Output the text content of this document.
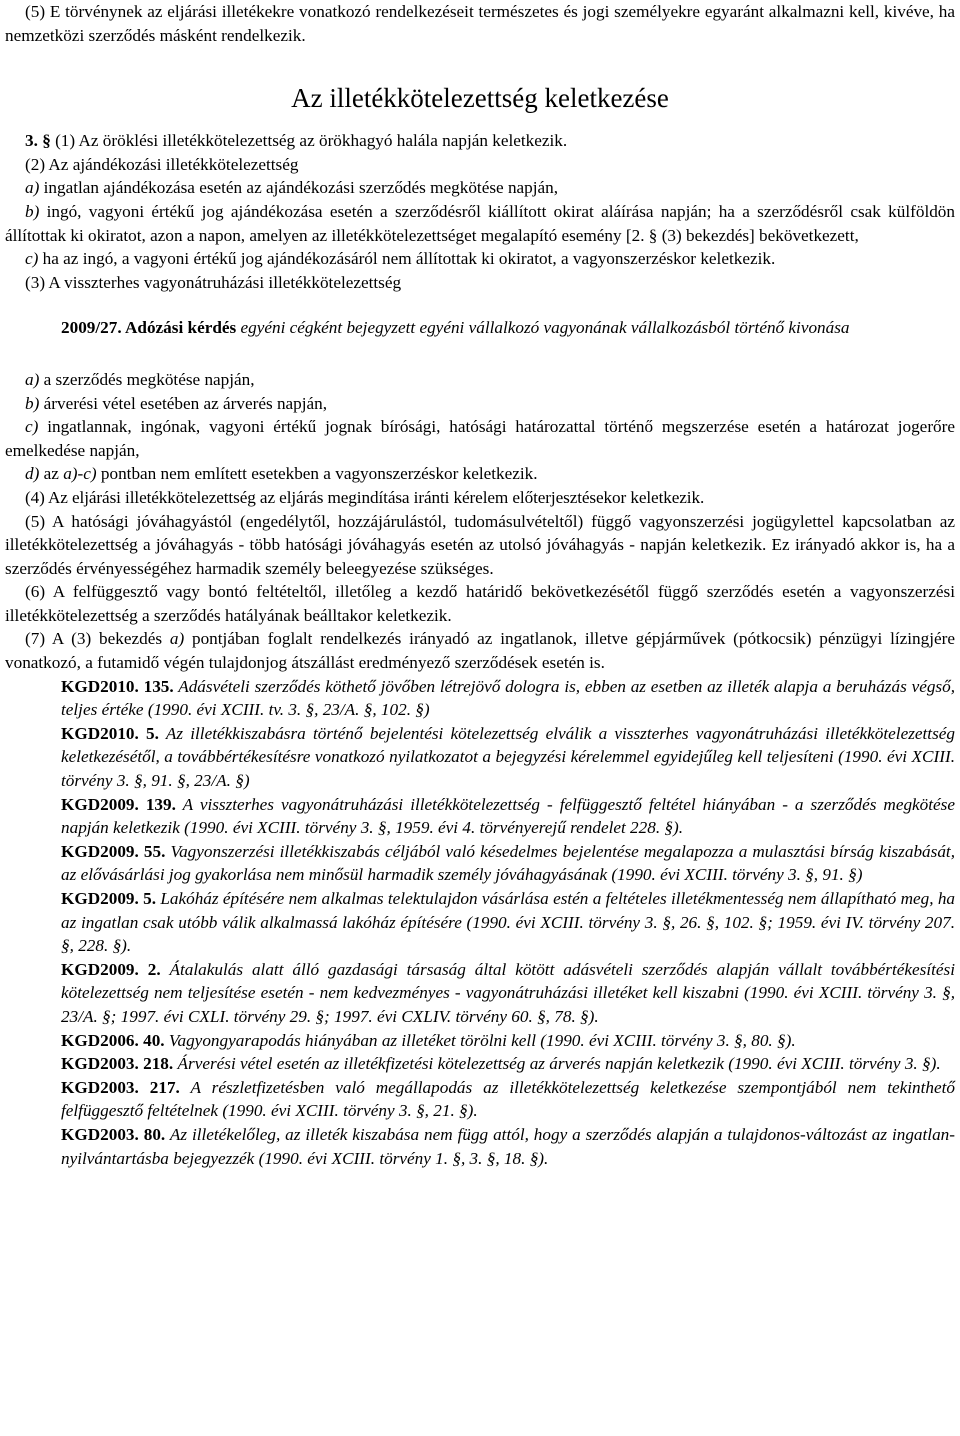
(5) E törvénynek az eljárási illetékekre vonatkozó rendelkezéseit természetes és jogi személyekre egyaránt alkalmazni kell, kivéve, ha nemzetközi szerződés másként rendelkezik.

Az illetékkötelezettség keletkezése

3. § (1) Az öröklési illetékkötelezettség az örökhagyó halála napján keletkezik.

(2) Az ajándékozási illetékkötelezettség

a) ingatlan ajándékozása esetén az ajándékozási szerződés megkötése napján,

b) ingó, vagyoni értékű jog ajándékozása esetén a szerződésről kiállított okirat aláírása napján; ha a szerződésről csak külföldön állítottak ki okiratot, azon a napon, amelyen az illetékkötelezettséget megalapító esemény [2. § (3) bekezdés] bekövetkezett,

c) ha az ingó, a vagyoni értékű jog ajándékozásáról nem állítottak ki okiratot, a vagyonszerzéskor keletkezik.

(3) A visszterhes vagyonátruházási illetékkötelezettség

2009/27. Adózási kérdés egyéni cégként bejegyzett egyéni vállalkozó vagyonának vállalkozásból történő kivonása

a) a szerződés megkötése napján,

b) árverési vétel esetében az árverés napján,

c) ingatlannak, ingónak, vagyoni értékű jognak bírósági, hatósági határozattal történő megszerzése esetén a határozat jogerőre emelkedése napján,

d) az a)-c) pontban nem említett esetekben a vagyonszerzéskor keletkezik.

(4) Az eljárási illetékkötelezettség az eljárás megindítása iránti kérelem előterjesztésekor keletkezik.

(5) A hatósági jóváhagyástól (engedélytől, hozzájárulástól, tudomásulvételtől) függő vagyonszerzési jogügylettel kapcsolatban az illetékkötelezettség a jóváhagyás - több hatósági jóváhagyás esetén az utolsó jóváhagyás - napján keletkezik. Ez irányadó akkor is, ha a szerződés érvényességéhez harmadik személy beleegyezése szükséges.

(6) A felfüggesztő vagy bontó feltételtől, illetőleg a kezdő határidő bekövetkezésétől függő szerződés esetén a vagyonszerzési illetékkötelezettség a szerződés hatályának beálltakor keletkezik.

(7) A (3) bekezdés a) pontjában foglalt rendelkezés irányadó az ingatlanok, illetve gépjárművek (pótkocsik) pénzügyi lízingjére vonatkozó, a futamidő végén tulajdonjog átszállást eredményező szerződések esetén is.

KGD2010. 135. Adásvételi szerződés köthető jövőben létrejövő dologra is, ebben az esetben az illeték alapja a beruházás végső, teljes értéke (1990. évi XCIII. tv. 3. §, 23/A. §, 102. §)

KGD2010. 5. Az illetékkiszabásra történő bejelentési kötelezettség elválik a visszterhes vagyonátruházási illetékkötelezettség keletkezésétől, a továbbértékesítésre vonatkozó nyilatkozatot a bejegyzési kérelemmel egyidejűleg kell teljesíteni (1990. évi XCIII. törvény 3. §, 91. §, 23/A. §)

KGD2009. 139. A visszterhes vagyonátruházási illetékkötelezettség - felfüggesztő feltétel hiányában - a szerződés megkötése napján keletkezik (1990. évi XCIII. törvény 3. §, 1959. évi 4. törvényerejű rendelet 228. §).

KGD2009. 55. Vagyonszerzési illetékkiszabás céljából való késedelmes bejelentése megalapozza a mulasztási bírság kiszabását, az elővásárlási jog gyakorlása nem minősül harmadik személy jóváhagyásának (1990. évi XCIII. törvény 3. §, 91. §)

KGD2009. 5. Lakóház építésére nem alkalmas telektulajdon vásárlása estén a feltételes illetékmentesség nem állapítható meg, ha az ingatlan csak utóbb válik alkalmassá lakóház építésére (1990. évi XCIII. törvény 3. §, 26. §, 102. §; 1959. évi IV. törvény 207. §, 228. §).

KGD2009. 2. Átalakulás alatt álló gazdasági társaság által kötött adásvételi szerződés alapján vállalt továbbértékesítési kötelezettség nem teljesítése esetén - nem kedvezményes - vagyonátruházási illetéket kell kiszabni (1990. évi XCIII. törvény 3. §, 23/A. §; 1997. évi CXLI. törvény 29. §; 1997. évi CXLIV. törvény 60. §, 78. §).

KGD2006. 40. Vagyongyarapodás hiányában az illetéket törölni kell (1990. évi XCIII. törvény 3. §, 80. §).

KGD2003. 218. Árverési vétel esetén az illetékfizetési kötelezettség az árverés napján keletkezik (1990. évi XCIII. törvény 3. §).

KGD2003. 217. A részletfizetésben való megállapodás az illetékkötelezettség keletkezése szempontjából nem tekinthető felfüggesztő feltételnek (1990. évi XCIII. törvény 3. §, 21. §).

KGD2003. 80. Az illetékelőleg, az illeték kiszabása nem függ attól, hogy a szerződés alapján a tulajdonos-változást az ingatlan-nyilvántartásba bejegyezzék (1990. évi XCIII. törvény 1. §, 3. §, 18. §).
